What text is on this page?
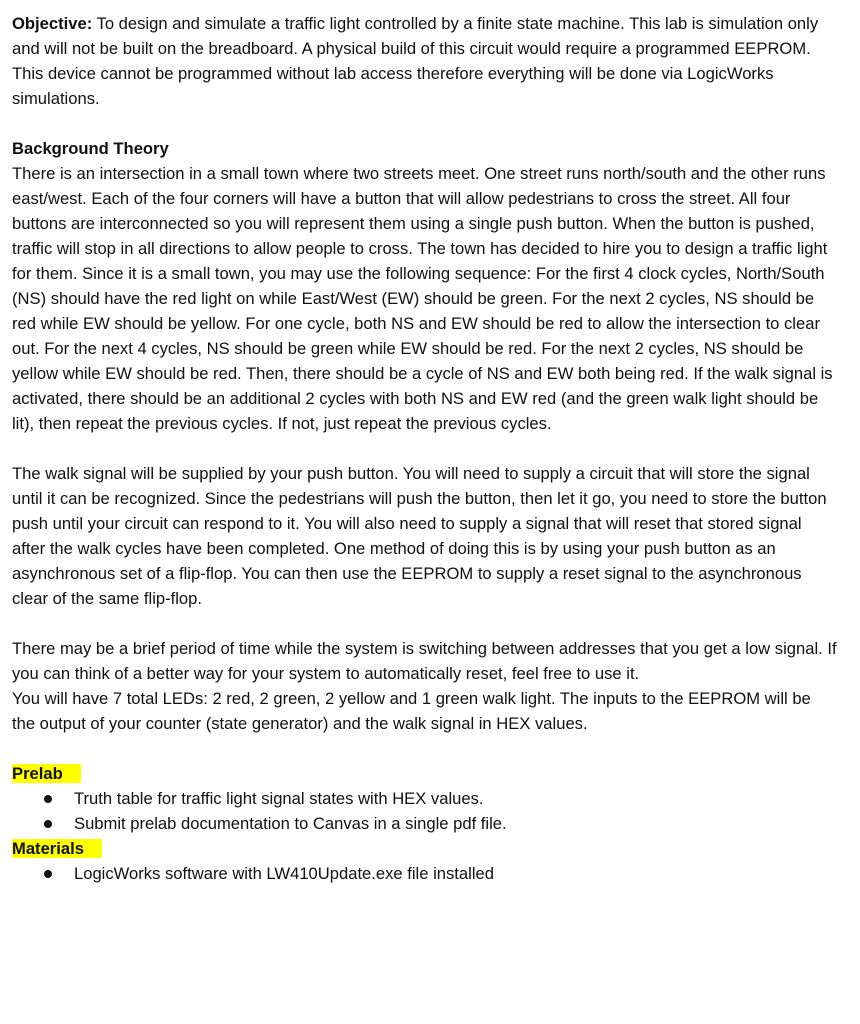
Objective: To design and simulate a traffic light controlled by a finite state machine. This lab is simulation only and will not be built on the breadboard. A physical build of this circuit would require a programmed EEPROM. This device cannot be programmed without lab access therefore everything will be done via LogicWorks simulations.

Background Theory

There is an intersection in a small town where two streets meet. One street runs north/south and the other runs east/west. Each of the four corners will have a button that will allow pedestrians to cross the street. All four buttons are interconnected so you will represent them using a single push button. When the button is pushed, traffic will stop in all directions to allow people to cross. The town has decided to hire you to design a traffic light for them. Since it is a small town, you may use the following sequence: For the first 4 clock cycles, North/South (NS) should have the red light on while East/West (EW) should be green. For the next 2 cycles, NS should be red while EW should be yellow. For one cycle, both NS and EW should be red to allow the intersection to clear out. For the next 4 cycles, NS should be green while EW should be red. For the next 2 cycles, NS should be yellow while EW should be red. Then, there should be a cycle of NS and EW both being red. If the walk signal is activated, there should be an additional 2 cycles with both NS and EW red (and the green walk light should be lit), then repeat the previous cycles. If not, just repeat the previous cycles.

The walk signal will be supplied by your push button. You will need to supply a circuit that will store the signal until it can be recognized. Since the pedestrians will push the button, then let it go, you need to store the button push until your circuit can respond to it. You will also need to supply a signal that will reset that stored signal after the walk cycles have been completed. One method of doing this is by using your push button as an asynchronous set of a flip-flop. You can then use the EEPROM to supply a reset signal to the asynchronous clear of the same flip-flop.

There may be a brief period of time while the system is switching between addresses that you get a low signal. If you can think of a better way for your system to automatically reset, feel free to use it.

You will have 7 total LEDs: 2 red, 2 green, 2 yellow and 1 green walk light. The inputs to the EEPROM will be the output of your counter (state generator) and the walk signal in HEX values.

Prelab

Truth table for traffic light signal states with HEX values.
Submit prelab documentation to Canvas in a single pdf file.

Materials

LogicWorks software with LW410Update.exe file installed
